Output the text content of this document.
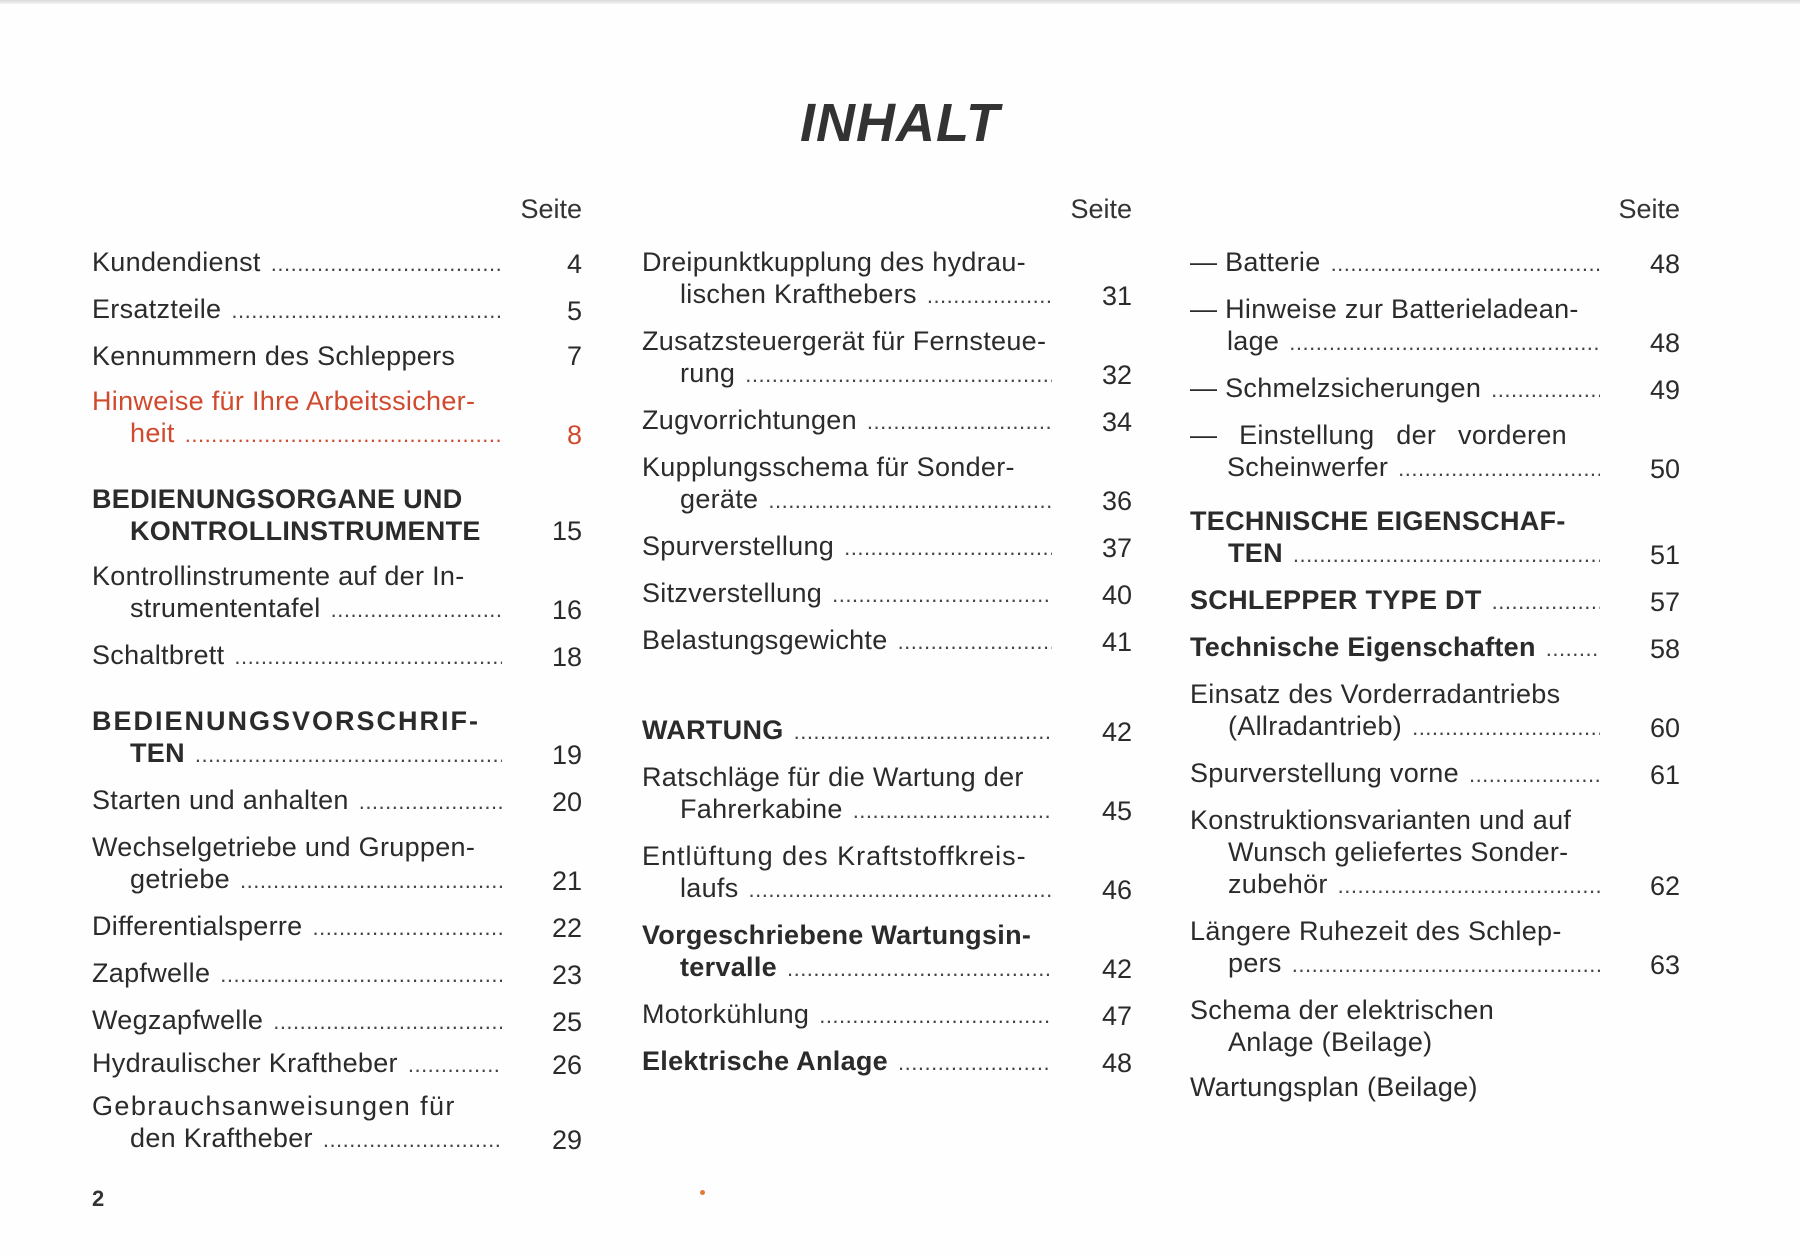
INHALT
Seite
Kundendienst .....	4
Ersatzteile .....	5
Kennummern des Schleppers	7
Hinweise für Ihre Arbeitssicher-
heit .....	8
BEDIENUNGSORGANE UND
KONTROLLINSTRUMENTE	15
Kontrollinstrumente auf der In-
strumententafel .....	16
Schaltbrett .....	18
BEDIENUNGSVORSCHRIF-
TEN .....	19
Starten und anhalten .....	20
Wechselgetriebe und Gruppen-
getriebe .....	21
Differentialsperre .....	22
Zapfwelle .....	23
Wegzapfwelle .....	25
Hydraulischer Kraftheber .....	26
Gebrauchsanweisungen für
den Kraftheber .....	29
Seite
Dreipunktkupplung des hydrau-
lischen Krafthebers .....	31
Zusatzsteuergerät für Fernsteue-
rung .....	32
Zugvorrichtungen .....	34
Kupplungsschema für Sonder-
geräte .....	36
Spurverstellung .....	37
Sitzverstellung .....	40
Belastungsgewichte .....	41
WARTUNG .....	42
Ratschläge für die Wartung der
Fahrerkabine .....	45
Entlüftung des Kraftstoffkreis-
laufs .....	46
Vorgeschriebene Wartungsin-
tervalle .....	42
Motorkühlung .....	47
Elektrische Anlage .....	48
Seite
— Batterie .....	48
— Hinweise zur Batterieladean-
lage .....	48
— Schmelzsicherungen .....	49
— Einstellung der vorderen
Scheinwerfer .....	50
TECHNISCHE EIGENSCHAF-
TEN .....	51
SCHLEPPER TYPE DT .....	57
Technische Eigenschaften .....	58
Einsatz des Vorderradantriebs
(Allradantrieb) .....	60
Spurverstellung vorne .....	61
Konstruktionsvarianten und auf
Wunsch geliefertes Sonder-
zubehör .....	62
Längere Ruhezeit des Schlep-
pers .....	63
Schema der elektrischen
Anlage (Beilage)
Wartungsplan (Beilage)
2
